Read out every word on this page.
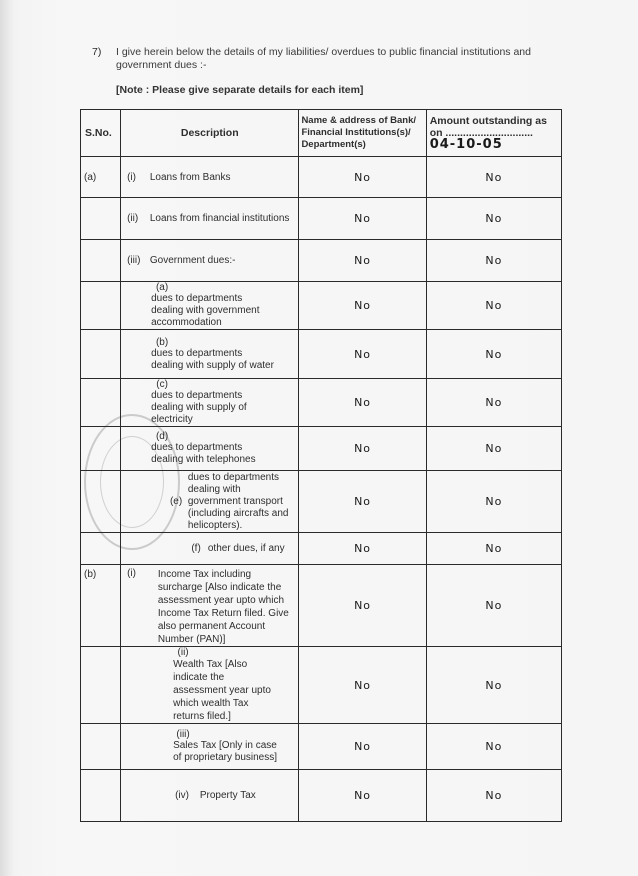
7) I give herein below the details of my liabilities/ overdues to public financial institutions and government dues :-
[Note : Please give separate details for each item]
S.No.	Description	Name & address of Bank/ Financial Institutions(s)/ Department(s)	Amount outstanding as
on .............................. 04-10-05
(a)	(i) Loans from Banks	No	No

	(ii) Loans from financial institutions	No	No

	(iii) Government dues:-	No	No

	(a) dues to departments dealing with government accommodation	No	No

	(b) dues to departments dealing with supply of water	No	No

	(c) dues to departments dealing with supply of electricity	No	No

	(d) dues to departments dealing with telephones	No	No

	(e) dues to departments dealing with government transport (including aircrafts and helicopters).	No	No

	(f) other dues, if any	No	No

(b)	(i) Income Tax including surcharge [Also indicate the assessment year upto which Income Tax Return filed. Give also permanent Account Number (PAN)]	No	No

	(ii) Wealth Tax [Also indicate the assessment year upto which wealth Tax returns filed.]	No	No

	(iii) Sales Tax [Only in case of proprietary business]	No	No

	(iv) Property Tax	No	No
